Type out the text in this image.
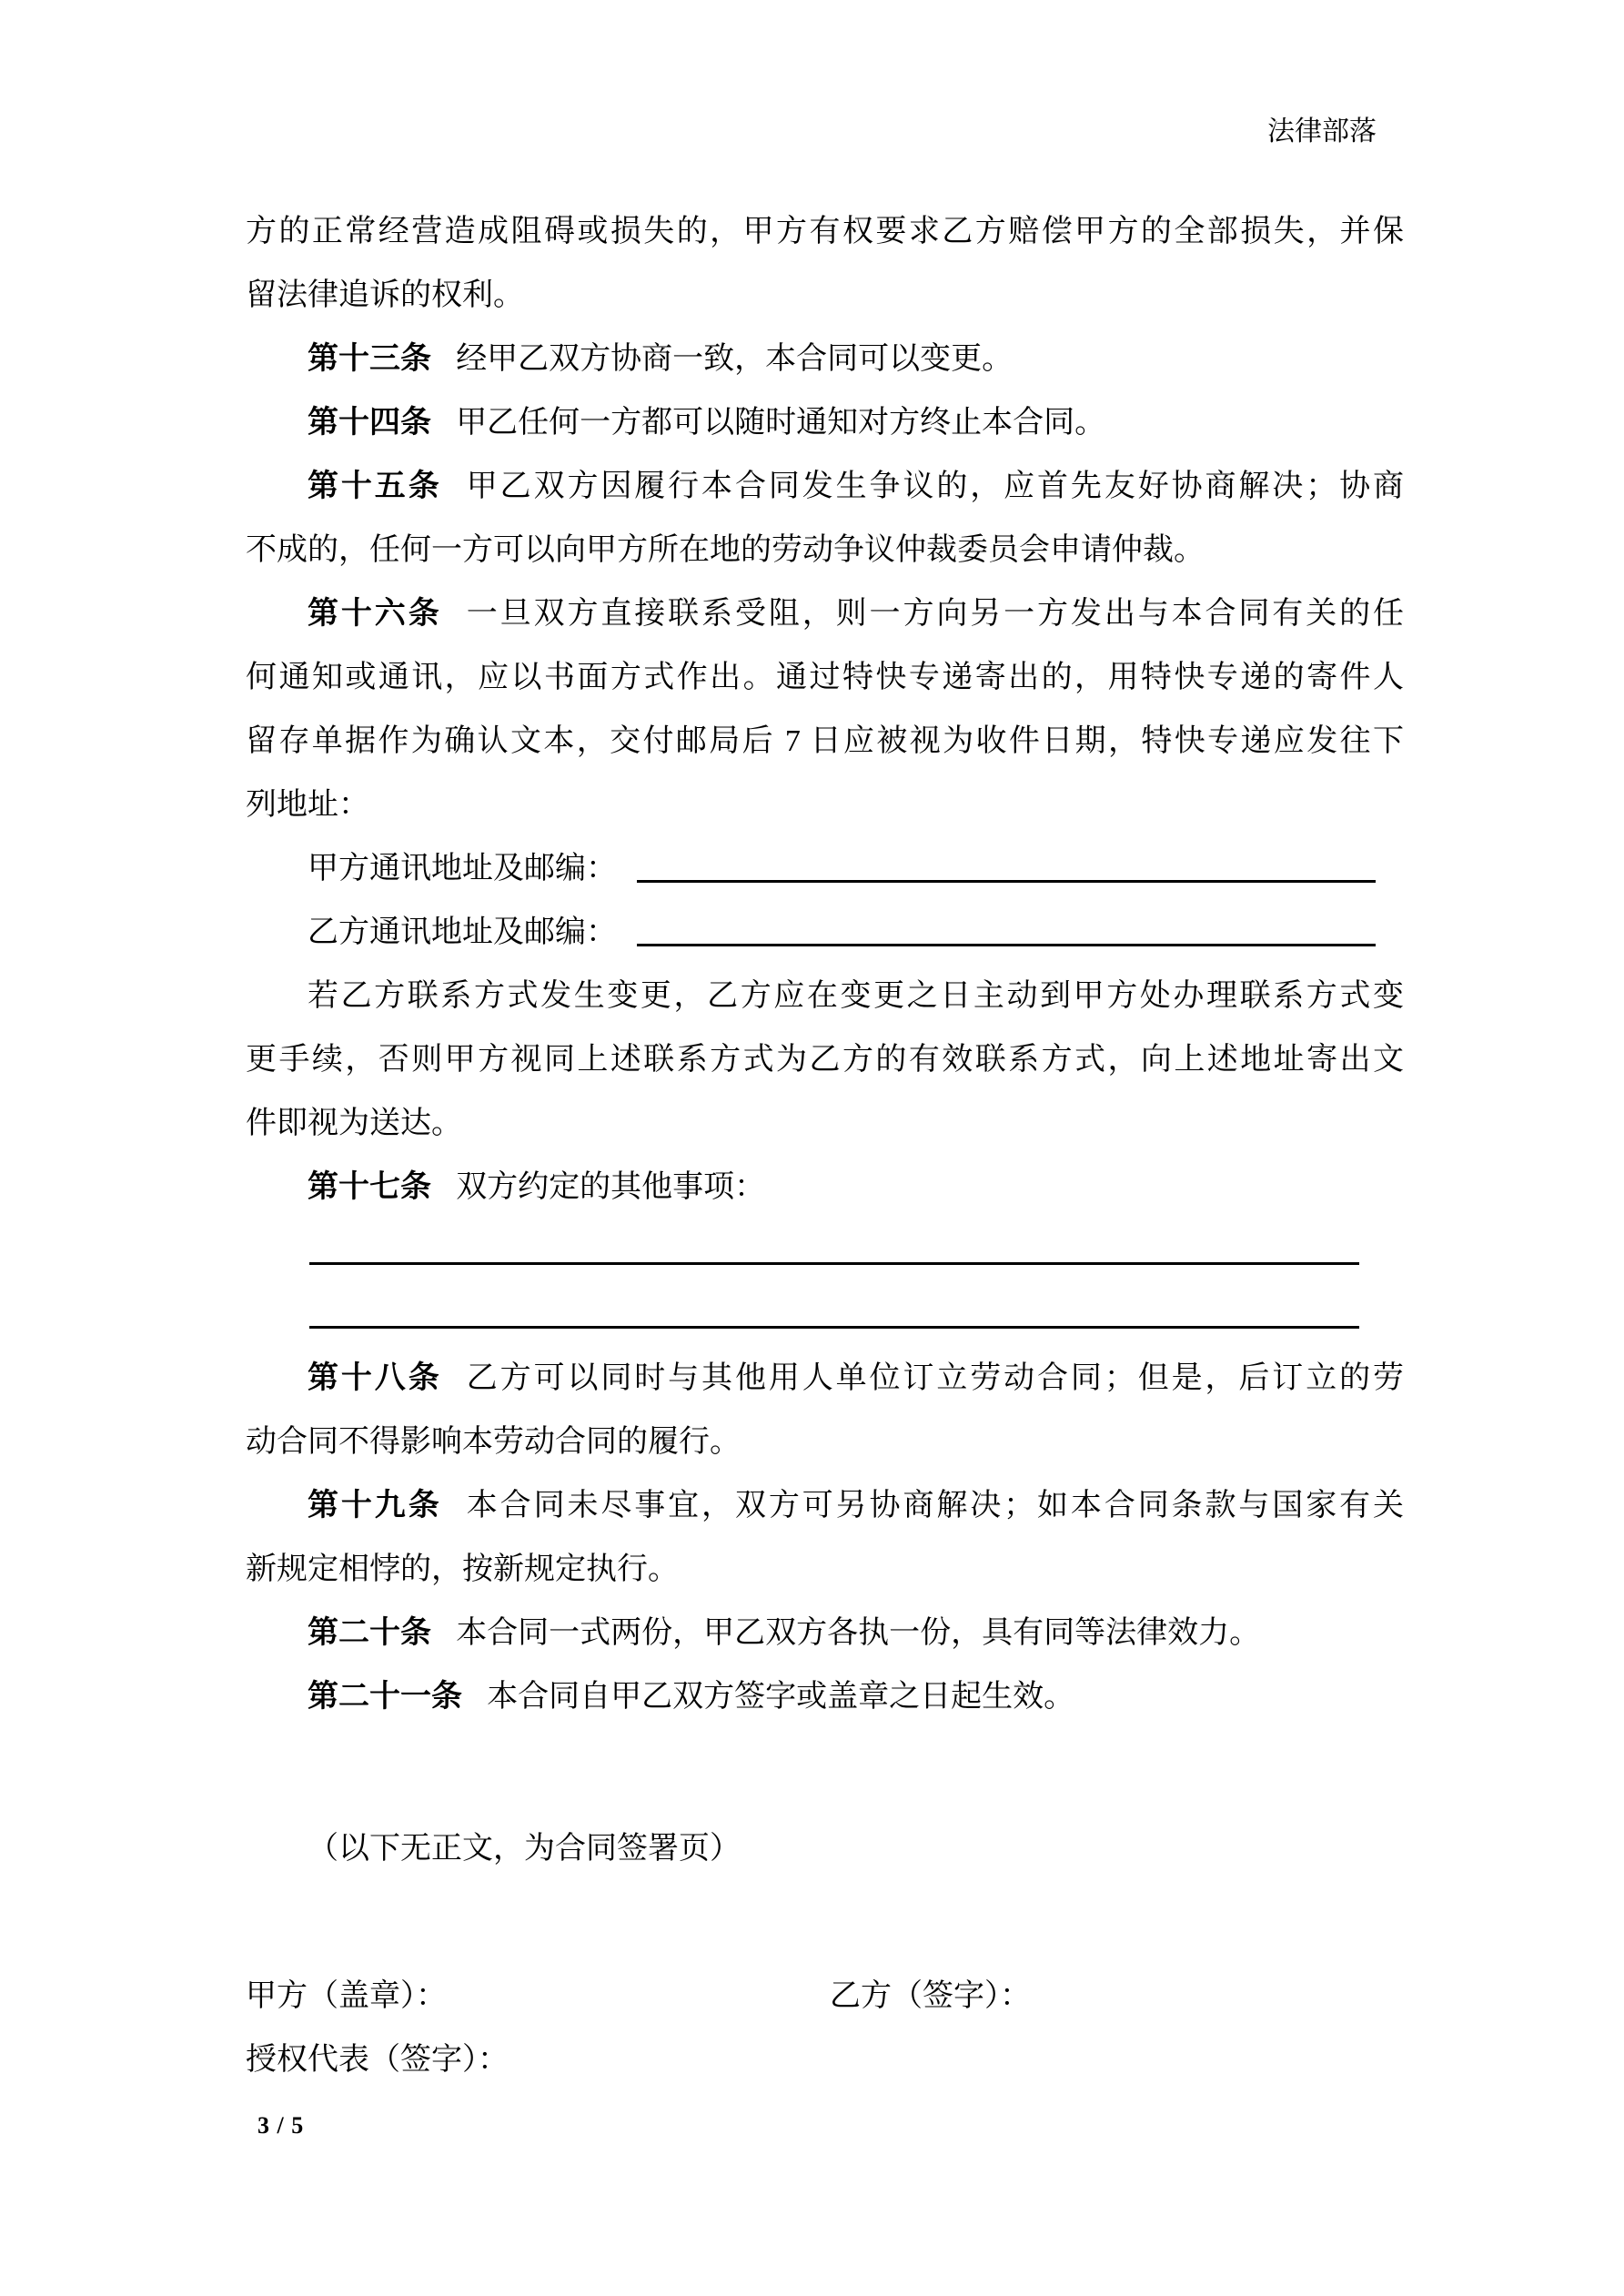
法律部落
方的正常经营造成阻碍或损失的，甲方有权要求乙方赔偿甲方的全部损失，并保
留法律追诉的权利。
第十三条 经甲乙双方协商一致，本合同可以变更。
第十四条 甲乙任何一方都可以随时通知对方终止本合同。
第十五条 甲乙双方因履行本合同发生争议的，应首先友好协商解决；协商
不成的，任何一方可以向甲方所在地的劳动争议仲裁委员会申请仲裁。
第十六条 一旦双方直接联系受阻，则一方向另一方发出与本合同有关的任
何通知或通讯，应以书面方式作出。通过特快专递寄出的，用特快专递的寄件人
留存单据作为确认文本，交付邮局后 7 日应被视为收件日期，特快专递应发往下
列地址：
甲方通讯地址及邮编：
乙方通讯地址及邮编：
若乙方联系方式发生变更，乙方应在变更之日主动到甲方处办理联系方式变
更手续，否则甲方视同上述联系方式为乙方的有效联系方式，向上述地址寄出文
件即视为送达。
第十七条 双方约定的其他事项：
第十八条 乙方可以同时与其他用人单位订立劳动合同；但是，后订立的劳
动合同不得影响本劳动合同的履行。
第十九条 本合同未尽事宜，双方可另协商解决；如本合同条款与国家有关
新规定相悖的，按新规定执行。
第二十条 本合同一式两份，甲乙双方各执一份，具有同等法律效力。
第二十一条 本合同自甲乙双方签字或盖章之日起生效。
（以下无正文，为合同签署页）
甲方（盖章）：	乙方（签字）：
授权代表（签字）：
3 / 5
